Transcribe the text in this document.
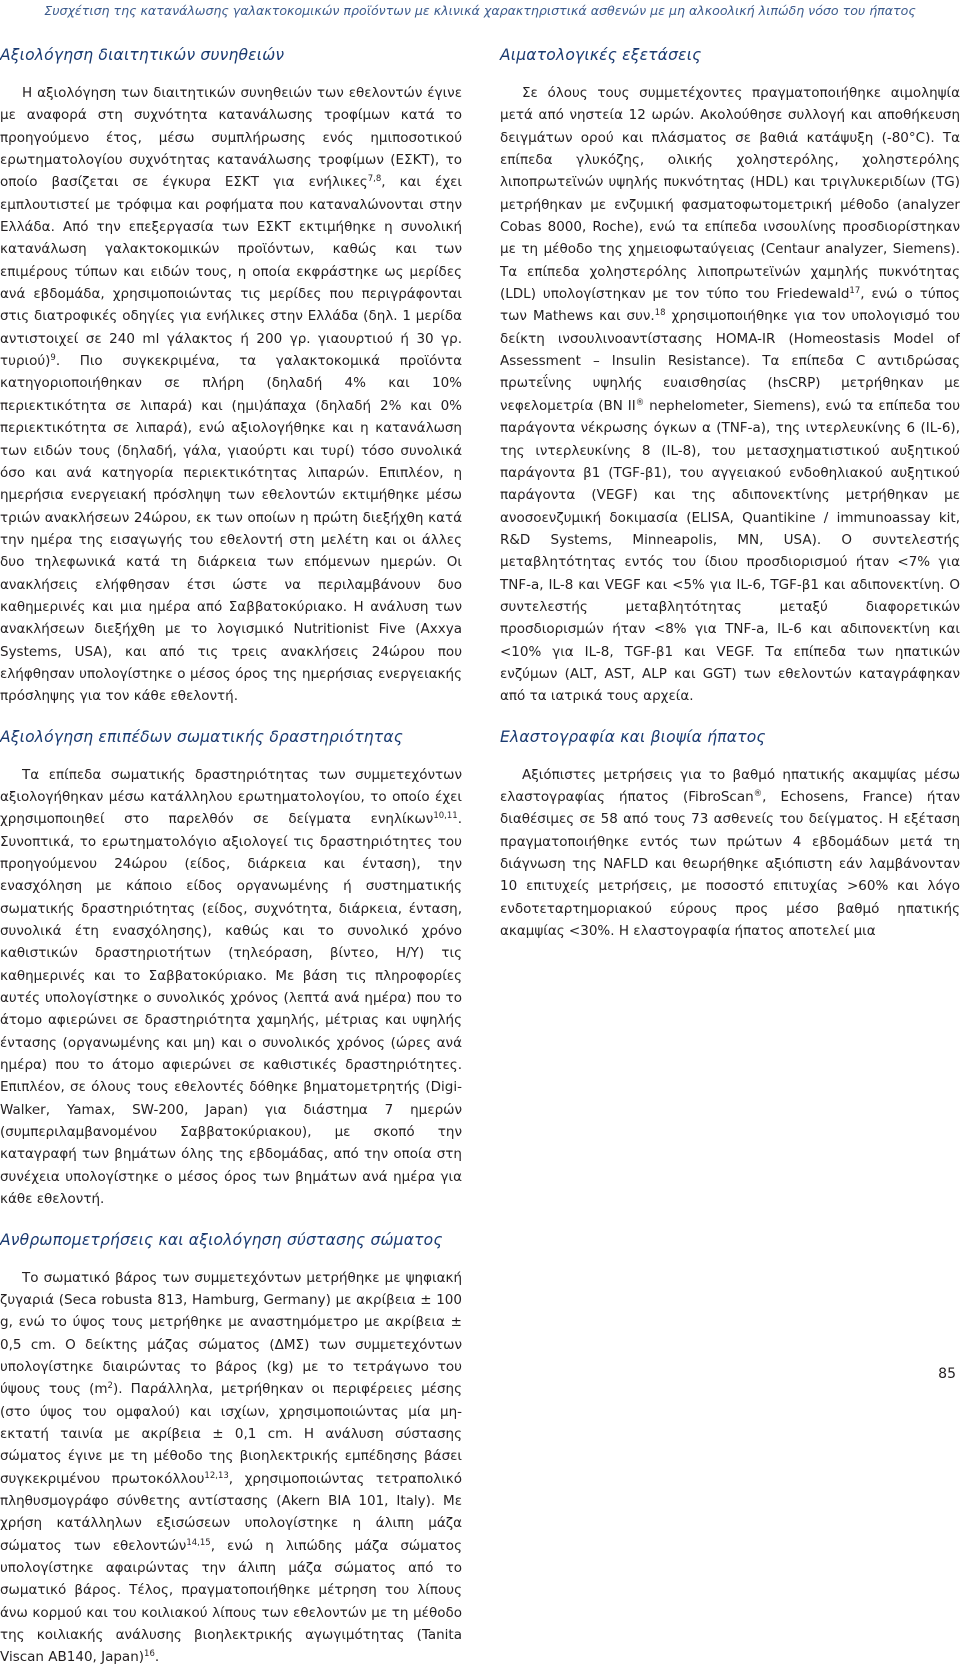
Συσχέτιση της κατανάλωσης γαλακτοκομικών προϊόντων με κλινικά χαρακτηριστικά ασθενών με μη αλκοολική λιπώδη νόσο του ήπατος
Αξιολόγηση διαιτητικών συνηθειών

Η αξιολόγηση των διαιτητικών συνηθειών των εθελοντών έγινε με αναφορά στη συχνότητα κατανάλωσης τροφίμων κατά το προηγούμενο έτος, μέσω συμπλήρωσης ενός ημιποσοτικού ερωτηματολογίου συχνότητας κατανάλωσης τροφίμων (ΕΣΚΤ), το οποίο βασίζεται σε έγκυρα ΕΣΚΤ για ενήλικες$^{7,8}$, και έχει εμπλουτιστεί με τρόφιμα και ροφήματα που καταναλώνονται στην Ελλάδα. Από την επεξεργασία των ΕΣΚΤ εκτιμήθηκε η συνολική κατανάλωση γαλακτοκομικών προϊόντων, καθώς και των επιμέρους τύπων και ειδών τους, η οποία εκφράστηκε ως μερίδες ανά εβδομάδα, χρησιμοποιώντας τις μερίδες που περιγράφονται στις διατροφικές οδηγίες για ενήλικες στην Ελλάδα (δηλ. 1 μερίδα αντιστοιχεί σε 240 ml γάλακτος ή 200 γρ. γιαουρτιού ή 30 γρ. τυριού)$^9$. Πιο συγκεκριμένα, τα γαλακτοκομικά προϊόντα κατηγοριοποιήθηκαν σε πλήρη (δηλαδή 4% και 10% περιεκτικότητα σε λιπαρά) και (ημι)άπαχα (δηλαδή 2% και 0% περιεκτικότητα σε λιπαρά), ενώ αξιολογήθηκε και η κατανάλωση των ειδών τους (δηλαδή, γάλα, γιαούρτι και τυρί) τόσο συνολικά όσο και ανά κατηγορία περιεκτικότητας λιπαρών. Επιπλέον, η ημερήσια ενεργειακή πρόσληψη των εθελοντών εκτιμήθηκε μέσω τριών ανακλήσεων 24ώρου, εκ των οποίων η πρώτη διεξήχθη κατά την ημέρα της εισαγωγής του εθελοντή στη μελέτη και οι άλλες δυο τηλεφωνικά κατά τη διάρκεια των επόμενων ημερών. Οι ανακλήσεις ελήφθησαν έτσι ώστε να περιλαμβάνουν δυο καθημερινές και μια ημέρα από Σαββατοκύριακο. Η ανάλυση των ανακλήσεων διεξήχθη με το λογισμικό Nutritionist Five (Axxya Systems, USA), και από τις τρεις ανακλήσεις 24ώρου που ελήφθησαν υπολογίστηκε ο μέσος όρος της ημερήσιας ενεργειακής πρόσληψης για τον κάθε εθελοντή.

Αξιολόγηση επιπέδων σωματικής δραστηριότητας

Τα επίπεδα σωματικής δραστηριότητας των συμμετεχόντων αξιολογήθηκαν μέσω κατάλληλου ερωτηματολογίου, το οποίο έχει χρησιμοποιηθεί στο παρελθόν σε δείγματα ενηλίκων$^{10,11}$. Συνοπτικά, το ερωτηματολόγιο αξιολογεί τις δραστηριότητες του προηγούμενου 24ώρου (είδος, διάρκεια και ένταση), την ενασχόληση με κάποιο είδος οργανωμένης ή συστηματικής σωματικής δραστηριότητας (είδος, συχνότητα, διάρκεια, ένταση, συνολικά έτη ενασχόλησης), καθώς και το συνολικό χρόνο καθιστικών δραστηριοτήτων (τηλεόραση, βίντεο, Η/Υ) τις καθημερινές και το Σαββατοκύριακο. Με βάση τις πληροφορίες αυτές υπολογίστηκε ο συνολικός χρόνος (λεπτά ανά ημέρα) που το άτομο αφιερώνει σε δραστηριότητα χαμηλής, μέτριας και υψηλής έντασης (οργανωμένης και μη) και ο συνολικός χρόνος (ώρες ανά ημέρα) που το άτομο αφιερώνει σε καθιστικές δραστηριότητες. Επιπλέον, σε όλους τους εθελοντές δόθηκε βηματομετρητής (Digi-Walker, Yamax, SW-200, Japan) για διάστημα 7 ημερών (συμπεριλαμβανομένου Σαββατοκύριακου), με σκοπό την καταγραφή των βημάτων όλης της εβδομάδας, από την οποία στη συνέχεια υπολογίστηκε ο μέσος όρος των βημάτων ανά ημέρα για κάθε εθελοντή.

Ανθρωπομετρήσεις και αξιολόγηση σύστασης σώματος

Το σωματικό βάρος των συμμετεχόντων μετρήθηκε με ψηφιακή ζυγαριά (Seca robusta 813, Hamburg, Germany) με ακρίβεια ± 100 g, ενώ το ύψος τους μετρήθηκε με αναστημόμετρο με ακρίβεια ± 0,5 cm. Ο δείκτης μάζας σώματος (ΔΜΣ) των συμμετεχόντων υπολογίστηκε διαιρώντας το βάρος (kg) με το τετράγωνο του ύψους τους $(m^2)$. Παράλληλα, μετρήθηκαν οι περιφέρειες μέσης (στο ύψος του ομφαλού) και ισχίων, χρησιμοποιώντας μία μη-εκτατή ταινία με ακρίβεια ± 0,1 cm. Η ανάλυση σύστασης σώματος έγινε με τη μέθοδο της βιοηλεκτρικής εμπέδησης βάσει συγκεκριμένου πρωτοκόλλου$^{12,13}$, χρησιμοποιώντας τετραπολικό πληθυσμογράφο σύνθετης αντίστασης (Akern BIA 101, Italy). Με χρήση κατάλληλων εξισώσεων υπολογίστηκε η άλιπη μάζα σώματος των εθελοντών$^{14,15}$, ενώ η λιπώδης μάζα σώματος υπολογίστηκε αφαιρώντας την άλιπη μάζα σώματος από το σωματικό βάρος. Τέλος, πραγματοποιήθηκε μέτρηση του λίπους άνω κορμού και του κοιλιακού λίπους των εθελοντών με τη μέθοδο της κοιλιακής ανάλυσης βιοηλεκτρικής αγωγιμότητας (Tanita Viscan AB140, Japan)$^{16}$.

Αιματολογικές εξετάσεις

Σε όλους τους συμμετέχοντες πραγματοποιήθηκε αιμοληψία μετά από νηστεία 12 ωρών. Ακολούθησε συλλογή και αποθήκευση δειγμάτων ορού και πλάσματος σε βαθιά κατάψυξη (-80°C). Τα επίπεδα γλυκόζης, ολικής χοληστερόλης, χοληστερόλης λιποπρωτεϊνών υψηλής πυκνότητας (HDL) και τριγλυκεριδίων (TG) μετρήθηκαν με ενζυμική φασματοφωτομετρική μέθοδο (analyzer Cobas 8000, Roche), ενώ τα επίπεδα ινσουλίνης προσδιορίστηκαν με τη μέθοδο της χημειοφωταύγειας (Centaur analyzer, Siemens). Τα επίπεδα χοληστερόλης λιποπρωτεϊνών χαμηλής πυκνότητας (LDL) υπολογίστηκαν με τον τύπο του Friedewald$^{17}$, ενώ ο τύπος των Mathews και συν.$^{18}$ χρησιμοποιήθηκε για τον υπολογισμό του δείκτη ινσουλινοαντίστασης HOMA-IR (Homeostasis Model of Assessment – Insulin Resistance). Τα επίπεδα C αντιδρώσας πρωτεΐνης υψηλής ευαισθησίας (hsCRP) μετρήθηκαν με νεφελομετρία (BN II® nephelometer, Siemens), ενώ τα επίπεδα του παράγοντα νέκρωσης όγκων α (TNF-a), της ιντερλευκίνης 6 (IL-6), της ιντερλευκίνης 8 (IL-8), του μετασχηματιστικού αυξητικού παράγοντα β1 (TGF-β1), του αγγειακού ενδοθηλιακού αυξητικού παράγοντα (VEGF) και της αδιπονεκτίνης μετρήθηκαν με ανοσοενζυμική δοκιμασία (ELISA, Quantikine / immunoassay kit, R&D Systems, Minneapolis, MN, USA). Ο συντελεστής μεταβλητότητας εντός του ίδιου προσδιορισμού ήταν <7% για TNF-a, IL-8 και VEGF και <5% για IL-6, TGF-β1 και αδιπονεκτίνη. Ο συντελεστής μεταβλητότητας μεταξύ διαφορετικών προσδιορισμών ήταν <8% για TNF-a, IL-6 και αδιπονεκτίνη και <10% για IL-8, TGF-β1 και VEGF. Τα επίπεδα των ηπατικών ενζύμων (ALT, AST, ALP και GGT) των εθελοντών καταγράφηκαν από τα ιατρικά τους αρχεία.

Ελαστογραφία και βιοψία ήπατος

Αξιόπιστες μετρήσεις για το βαθμό ηπατικής ακαμψίας μέσω ελαστογραφίας ήπατος (FibroScan®, Echosens, France) ήταν διαθέσιμες σε 58 από τους 73 ασθενείς του δείγματος. Η εξέταση πραγματοποιήθηκε εντός των πρώτων 4 εβδομάδων μετά τη διάγνωση της NAFLD και θεωρήθηκε αξιόπιστη εάν λαμβάνονταν 10 επιτυχείς μετρήσεις, με ποσοστό επιτυχίας >60% και λόγο ενδοτεταρτημοριακού εύρους προς μέσο βαθμό ηπατικής ακαμψίας <30%. Η ελαστογραφία ήπατος αποτελεί μια

85
